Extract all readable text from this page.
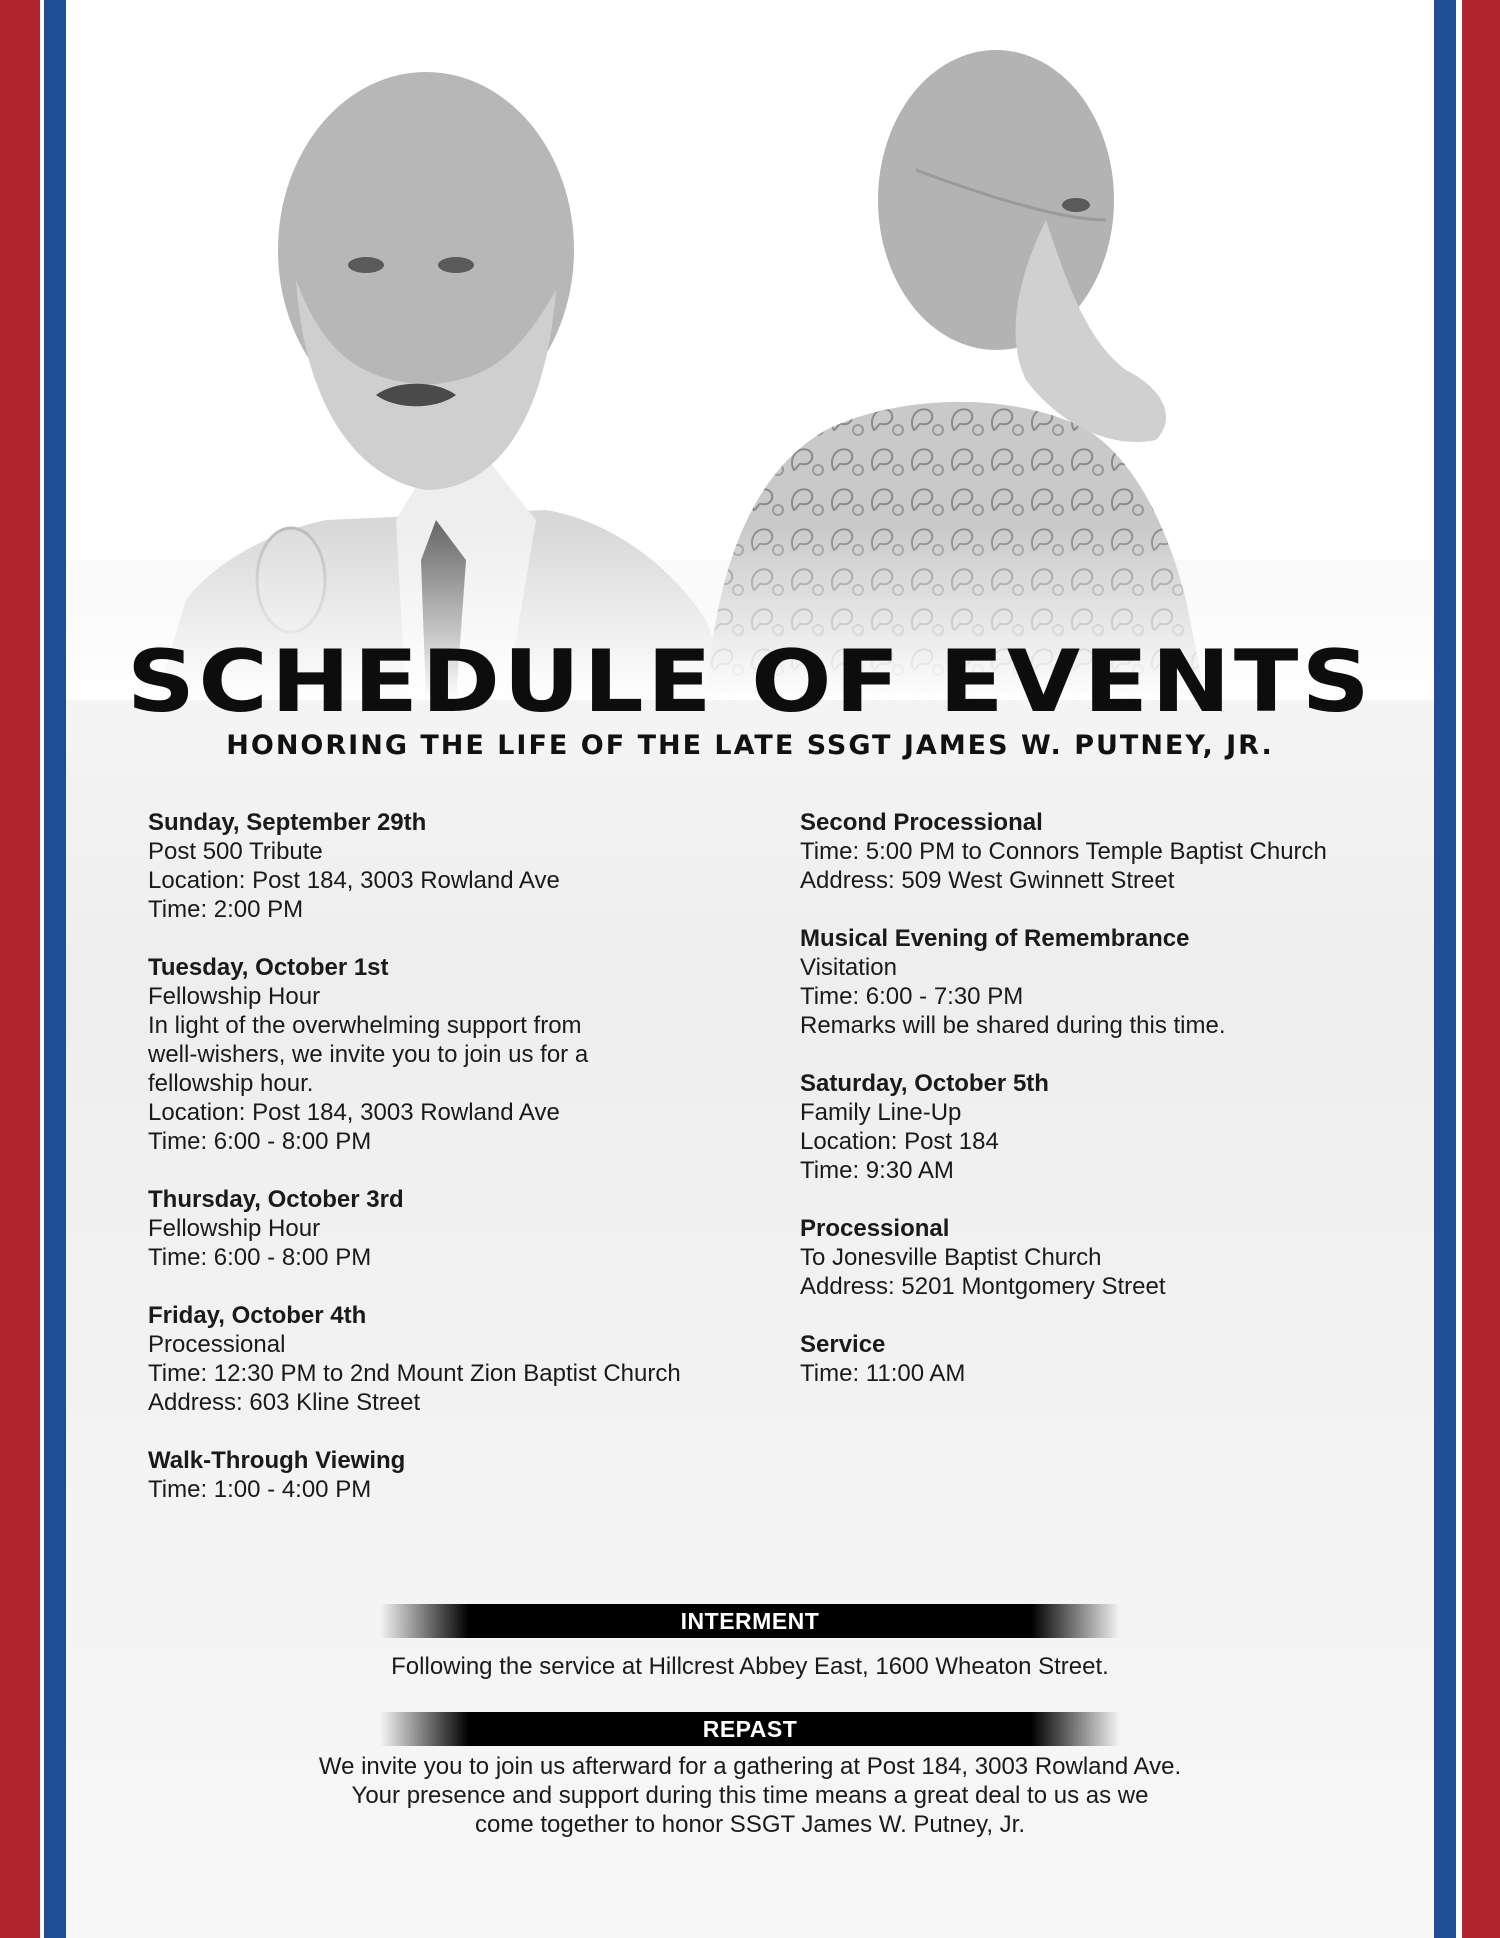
SCHEDULE OF EVENTS
HONORING THE LIFE OF THE LATE SSGT JAMES W. PUTNEY, JR.
Sunday, September 29th
Post 500 Tribute
Location: Post 184, 3003 Rowland Ave
Time: 2:00 PM
Tuesday, October 1st
Fellowship Hour
In light of the overwhelming support from
well-wishers, we invite you to join us for a
fellowship hour.
Location: Post 184, 3003 Rowland Ave
Time: 6:00 - 8:00 PM
Thursday, October 3rd
Fellowship Hour
Time: 6:00 - 8:00 PM
Friday, October 4th
Processional
Time: 12:30 PM to 2nd Mount Zion Baptist Church
Address: 603 Kline Street
Walk-Through Viewing
Time: 1:00 - 4:00 PM
Second Processional
Time: 5:00 PM to Connors Temple Baptist Church
Address: 509 West Gwinnett Street
Musical Evening of Remembrance
Visitation
Time: 6:00 - 7:30 PM
Remarks will be shared during this time.
Saturday, October 5th
Family Line-Up
Location: Post 184
Time: 9:30 AM
Processional
To Jonesville Baptist Church
Address: 5201 Montgomery Street
Service
Time: 11:00 AM
INTERMENT
Following the service at Hillcrest Abbey East, 1600 Wheaton Street.
REPAST
We invite you to join us afterward for a gathering at Post 184, 3003 Rowland Ave.
Your presence and support during this time means a great deal to us as we
come together to honor SSGT James W. Putney, Jr.
